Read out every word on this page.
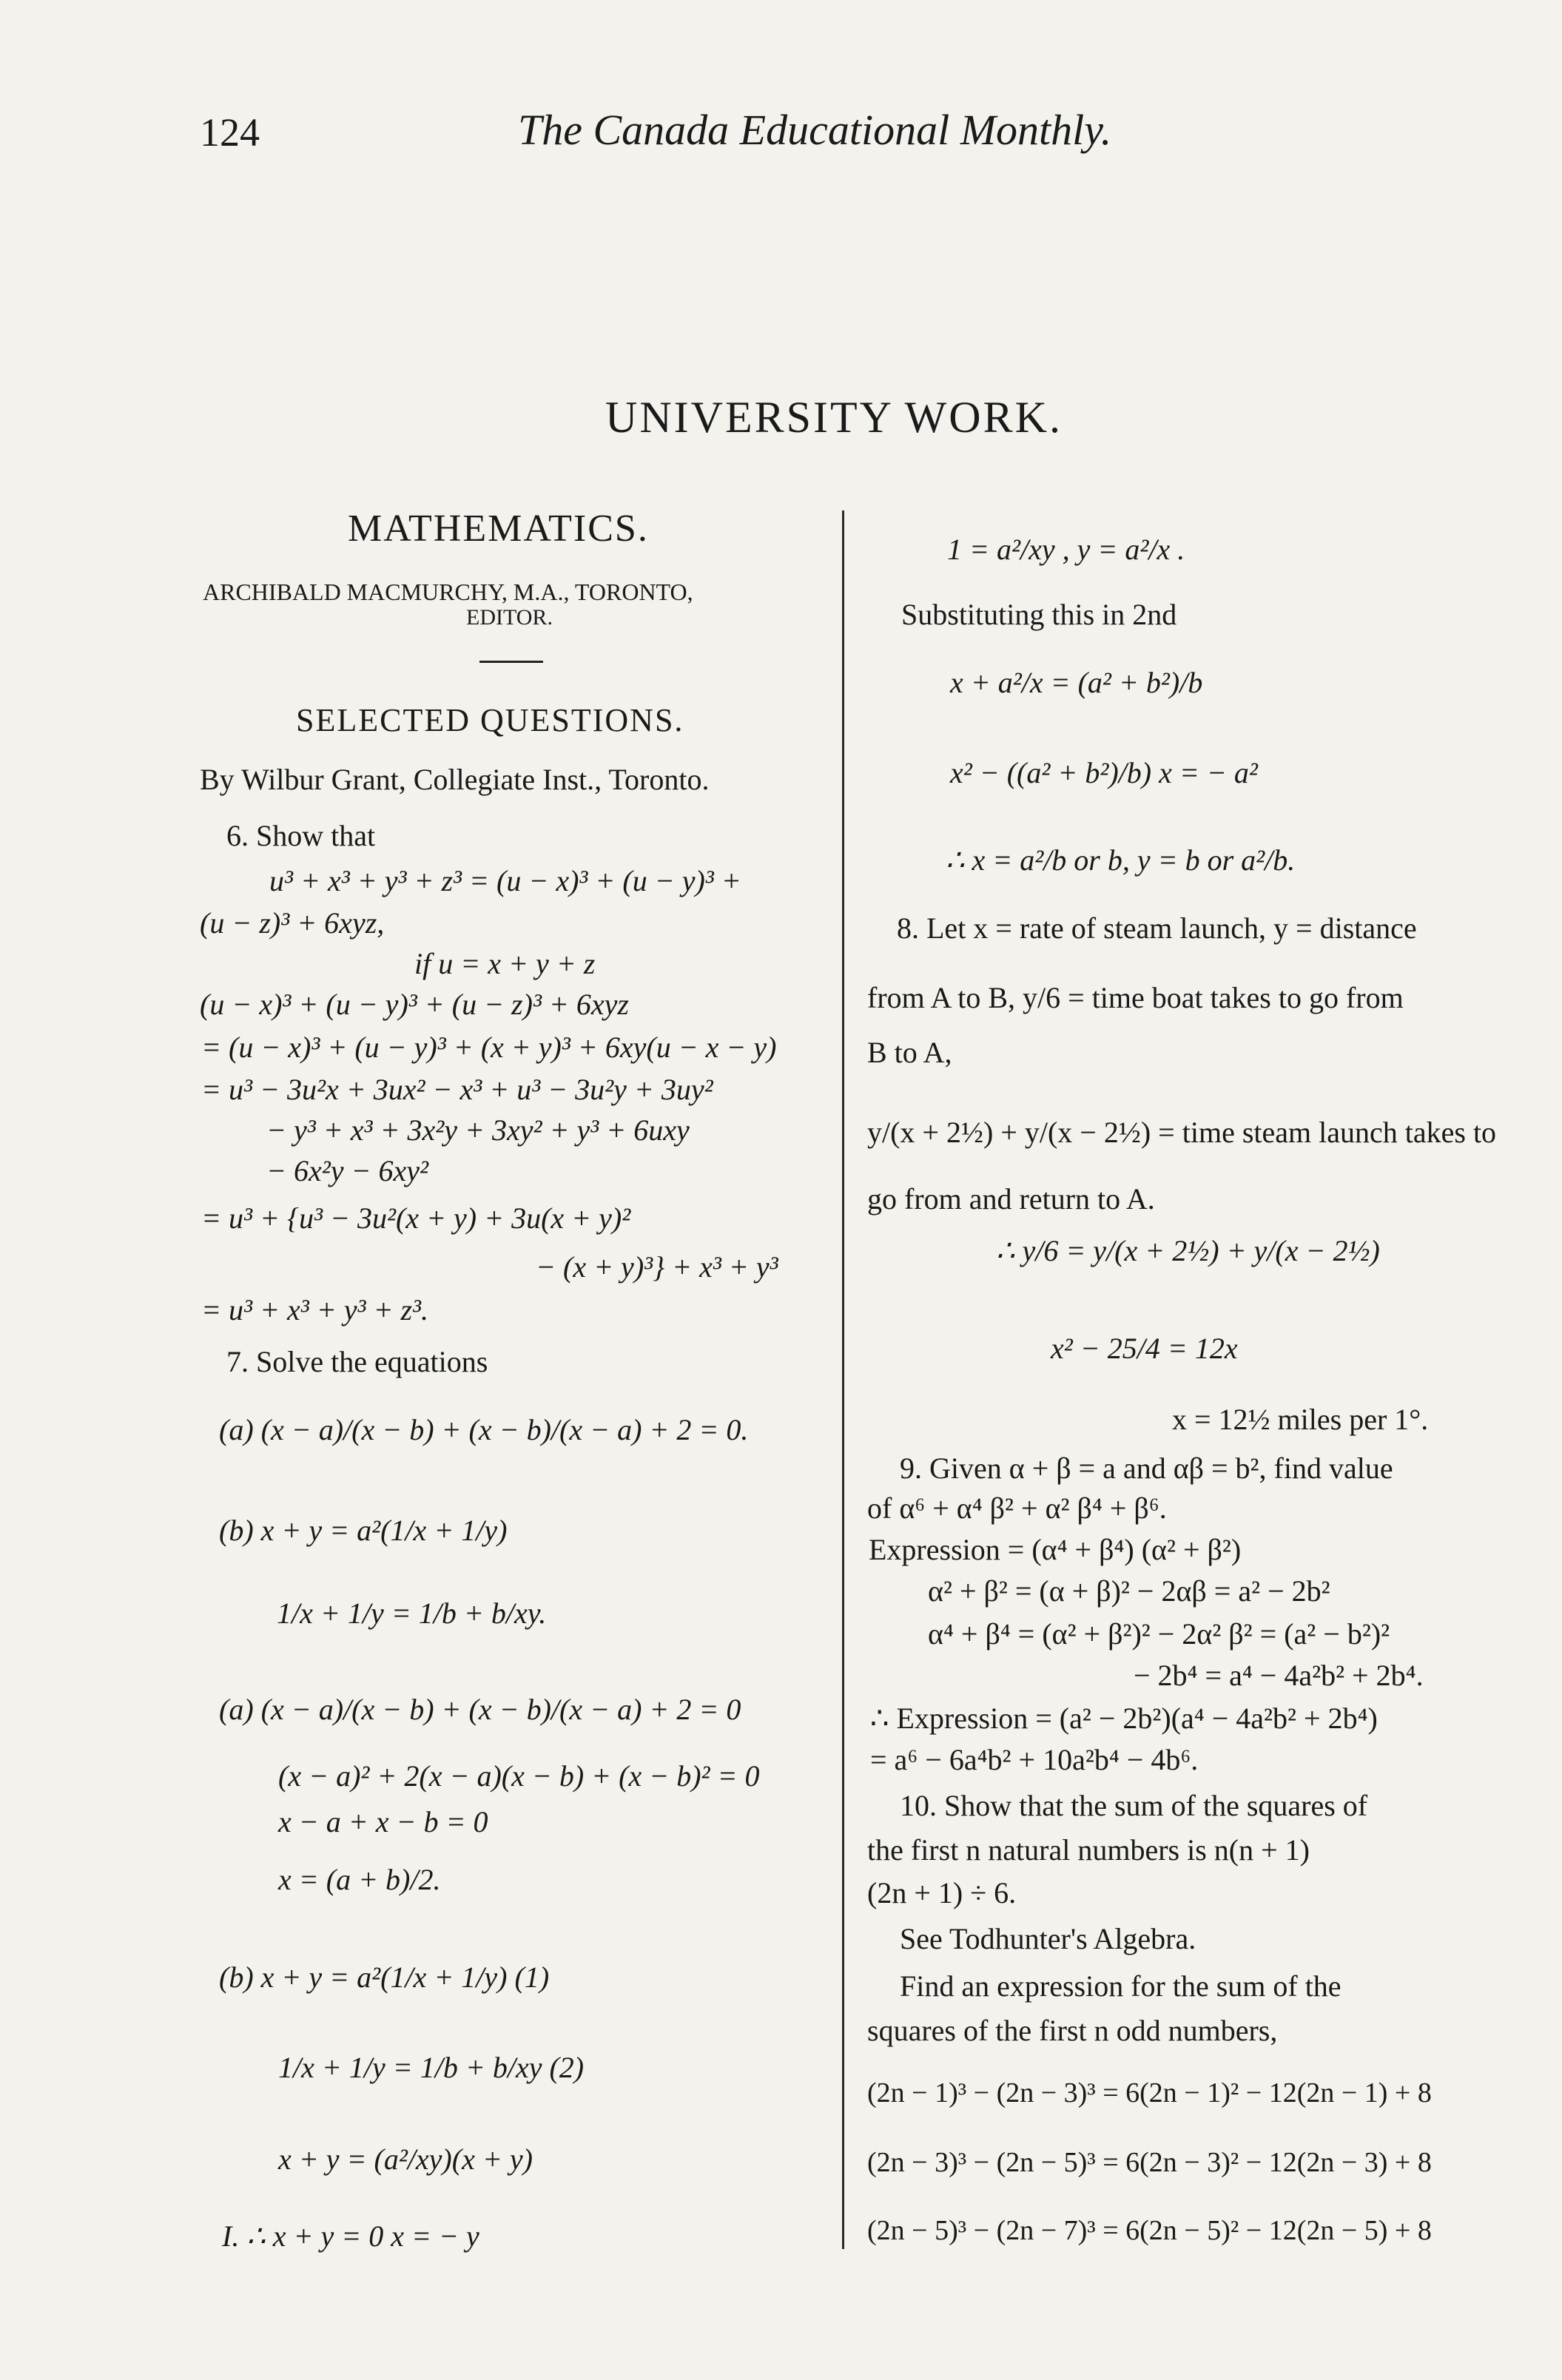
124	The Canada Educational Monthly.
UNIVERSITY WORK.
MATHEMATICS.
ARCHIBALD MACMURCHY, M.A., TORONTO,
EDITOR.
SELECTED QUESTIONS.
By Wilbur Grant, Collegiate Inst., Toronto.
6. Show that
u³ + x³ + y³ + z³ = (u − x)³ + (u − y)³ +
(u − z)³ + 6xyz,
if u = x + y + z
(u − x)³ + (u − y)³ + (u − z)³ + 6xyz
= (u − x)³ + (u − y)³ + (x + y)³ + 6xy(u − x − y)
= u³ − 3u²x + 3ux² − x³ + u³ − 3u²y + 3uy²
− y³ + x³ + 3x²y + 3xy² + y³ + 6uxy
− 6x²y − 6xy²
= u³ + {u³ − 3u²(x + y) + 3u(x + y)²
− (x + y)³} + x³ + y³
= u³ + x³ + y³ + z³.
7. Solve the equations
(a) (x − a)/(x − b) + (x − b)/(x − a) + 2 = 0.
(b) x + y = a²(1/x + 1/y)
1/x + 1/y = 1/b + b/xy.
(a) (x − a)/(x − b) + (x − b)/(x − a) + 2 = 0
(x − a)² + 2(x − a)(x − b) + (x − b)² = 0
x − a + x − b = 0
x = (a + b)/2.
(b) x + y = a²(1/x + 1/y) (1)
1/x + 1/y = 1/b + b/xy (2)
x + y = (a²/xy)(x + y)
I. ∴ x + y = 0 x = − y
1 = a²/xy , y = a²/x .
Substituting this in 2nd
x + a²/x = (a² + b²)/b
x² − ((a² + b²)/b) x = − a²
∴ x = a²/b or b, y = b or a²/b.
8. Let x = rate of steam launch, y = distance
from A to B, y/6 = time boat takes to go from
B to A,
y/(x + 2½) + y/(x − 2½) = time steam launch takes to
go from and return to A.
∴ y/6 = y/(x + 2½) + y/(x − 2½)
x² − 25/4 = 12x
x = 12½ miles per 1°.
9. Given α + β = a and αβ = b², find value
of α⁶ + α⁴ β² + α² β⁴ + β⁶.
Expression = (α⁴ + β⁴) (α² + β²)
α² + β² = (α + β)² − 2αβ = a² − 2b²
α⁴ + β⁴ = (α² + β²)² − 2α² β² = (a² − b²)²
− 2b⁴ = a⁴ − 4a²b² + 2b⁴.
∴ Expression = (a² − 2b²)(a⁴ − 4a²b² + 2b⁴)
= a⁶ − 6a⁴b² + 10a²b⁴ − 4b⁶.
10. Show that the sum of the squares of
the first n natural numbers is n(n + 1)
(2n + 1) ÷ 6.
See Todhunter's Algebra.
Find an expression for the sum of the
squares of the first n odd numbers,
(2n − 1)³ − (2n − 3)³ = 6(2n − 1)² − 12(2n − 1) + 8
(2n − 3)³ − (2n − 5)³ = 6(2n − 3)² − 12(2n − 3) + 8
(2n − 5)³ − (2n − 7)³ = 6(2n − 5)² − 12(2n − 5) + 8
